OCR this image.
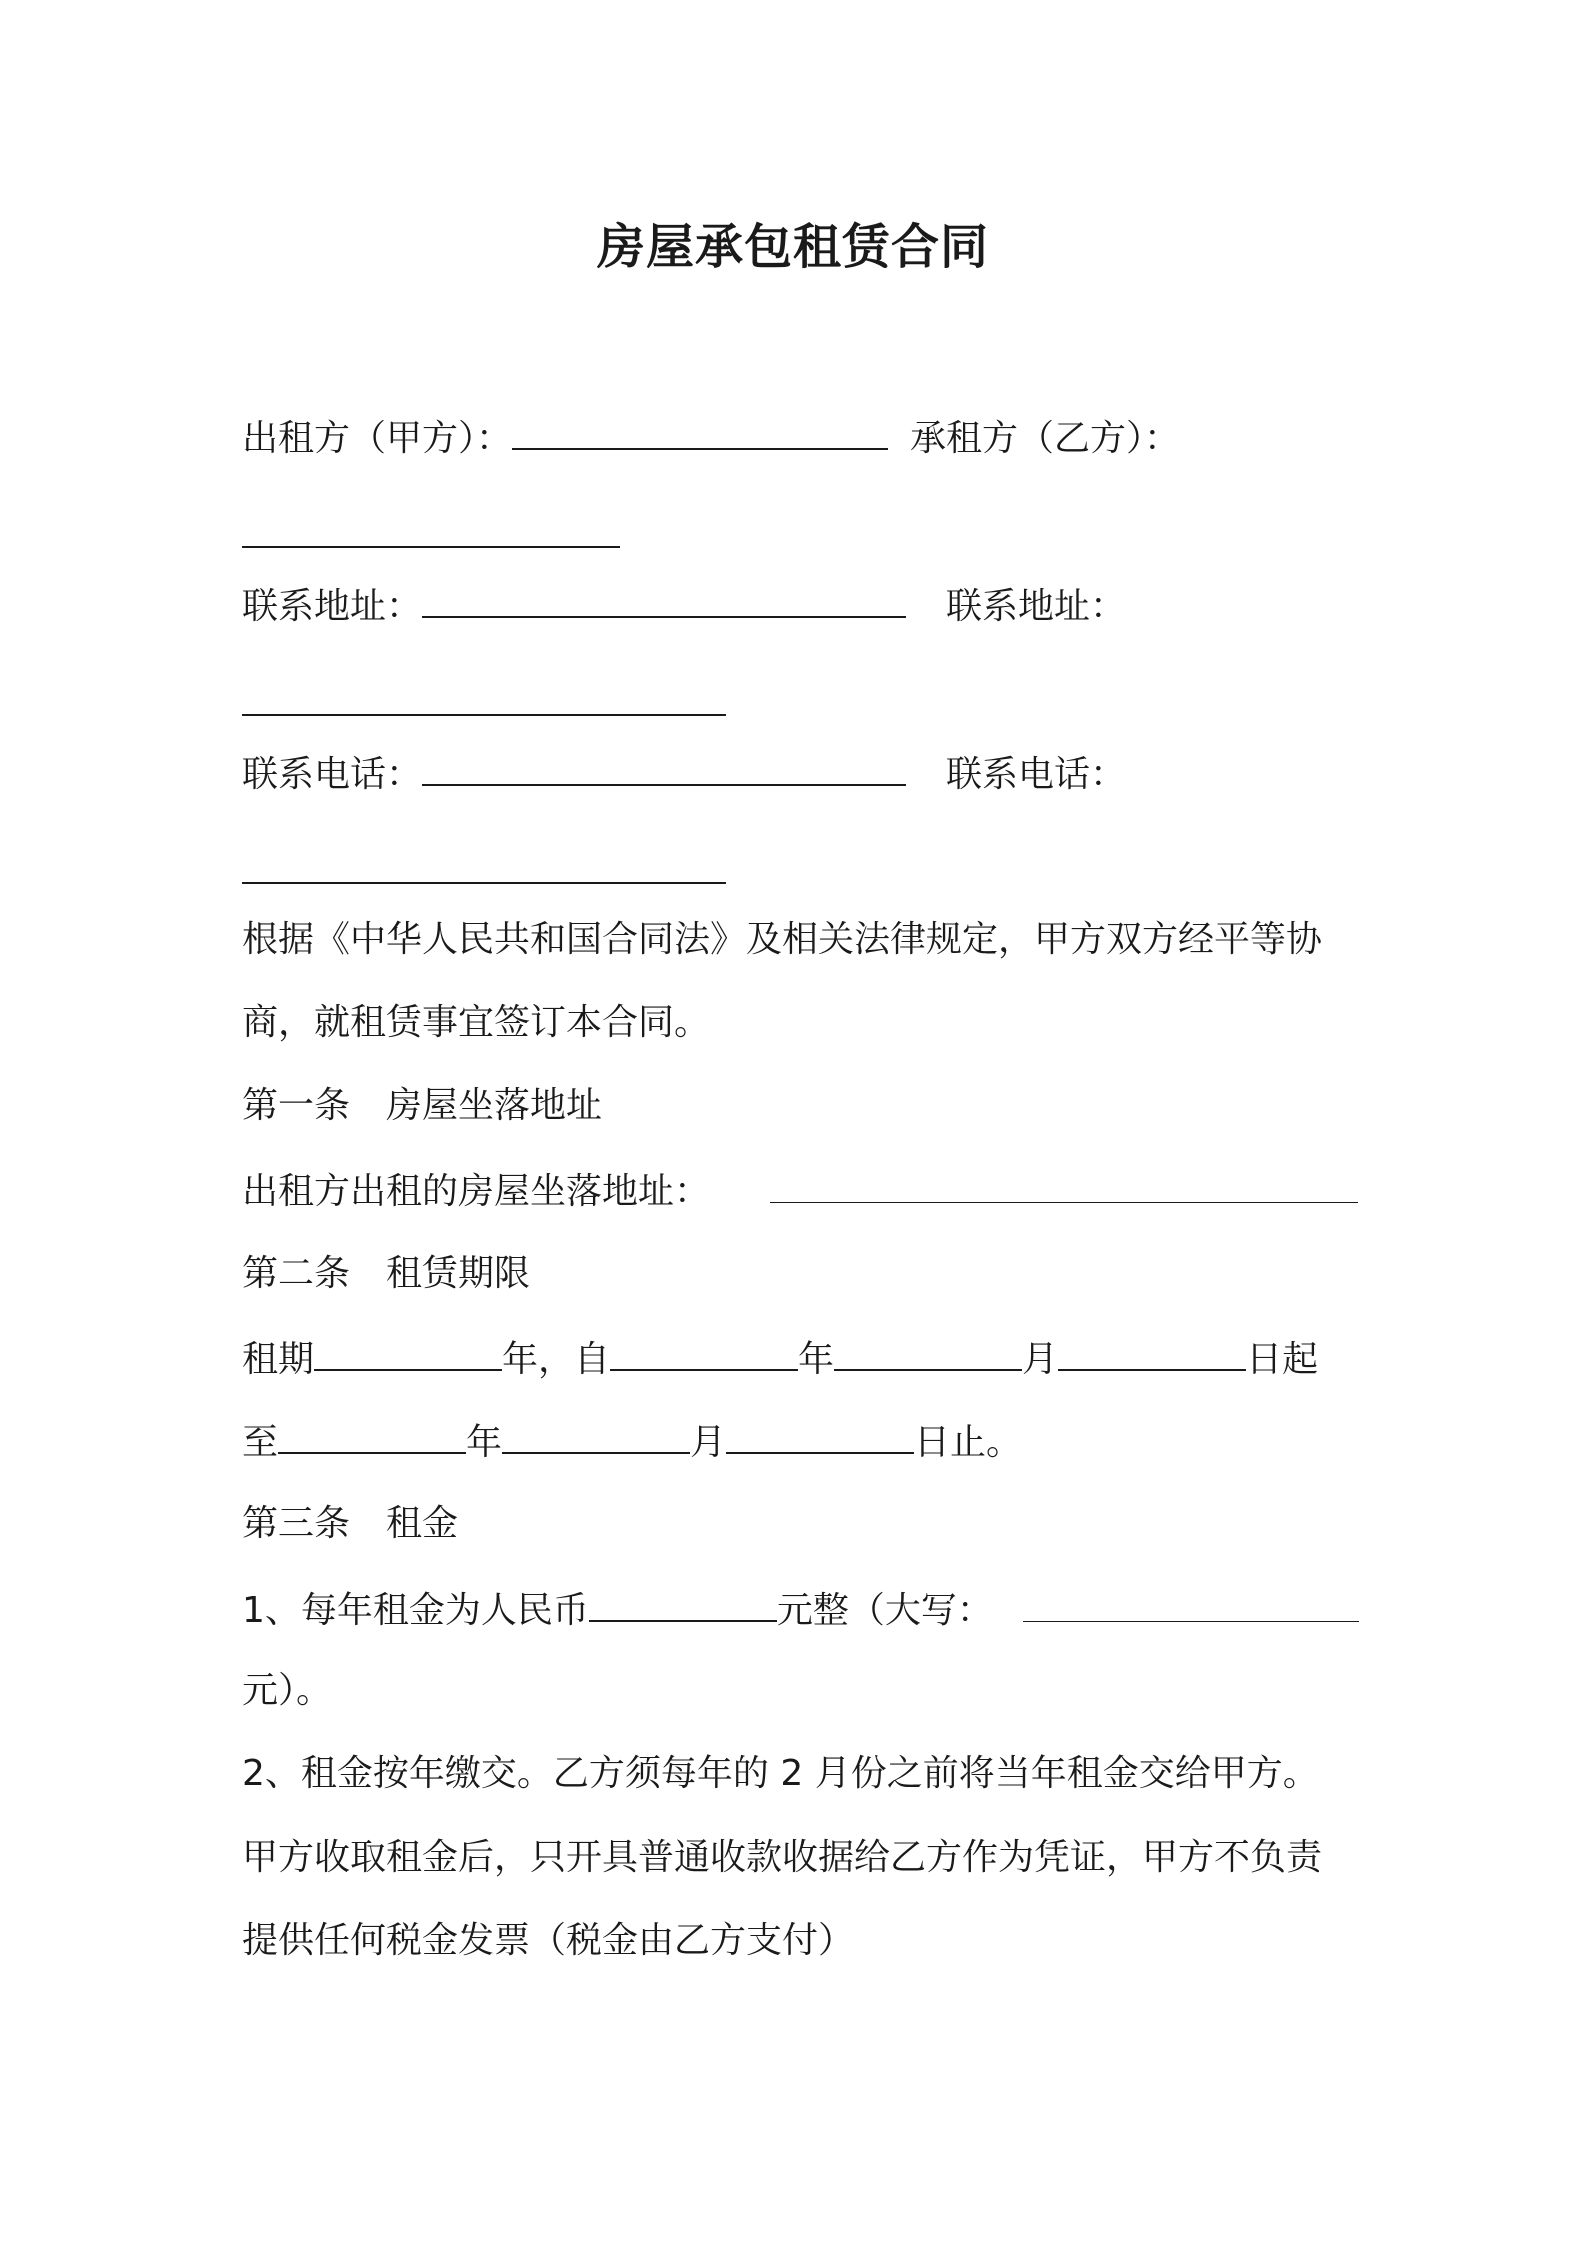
房屋承包租赁合同
出租方（甲方）：	承租方（乙方）：
联系地址：	联系地址：
联系电话：	联系电话：
根据《中华人民共和国合同法》及相关法律规定，甲方双方经平等协
商，就租赁事宜签订本合同。
第一条　房屋坐落地址
出租方出租的房屋坐落地址：
第二条　租赁期限
租期	年，自	年	月	日起
至	年	月	日止。
第三条　租金
1、每年租金为人民币	元整（大写：
元）。
2、租金按年缴交。乙方须每年的 2 月份之前将当年租金交给甲方。
甲方收取租金后，只开具普通收款收据给乙方作为凭证，甲方不负责
提供任何税金发票（税金由乙方支付）
